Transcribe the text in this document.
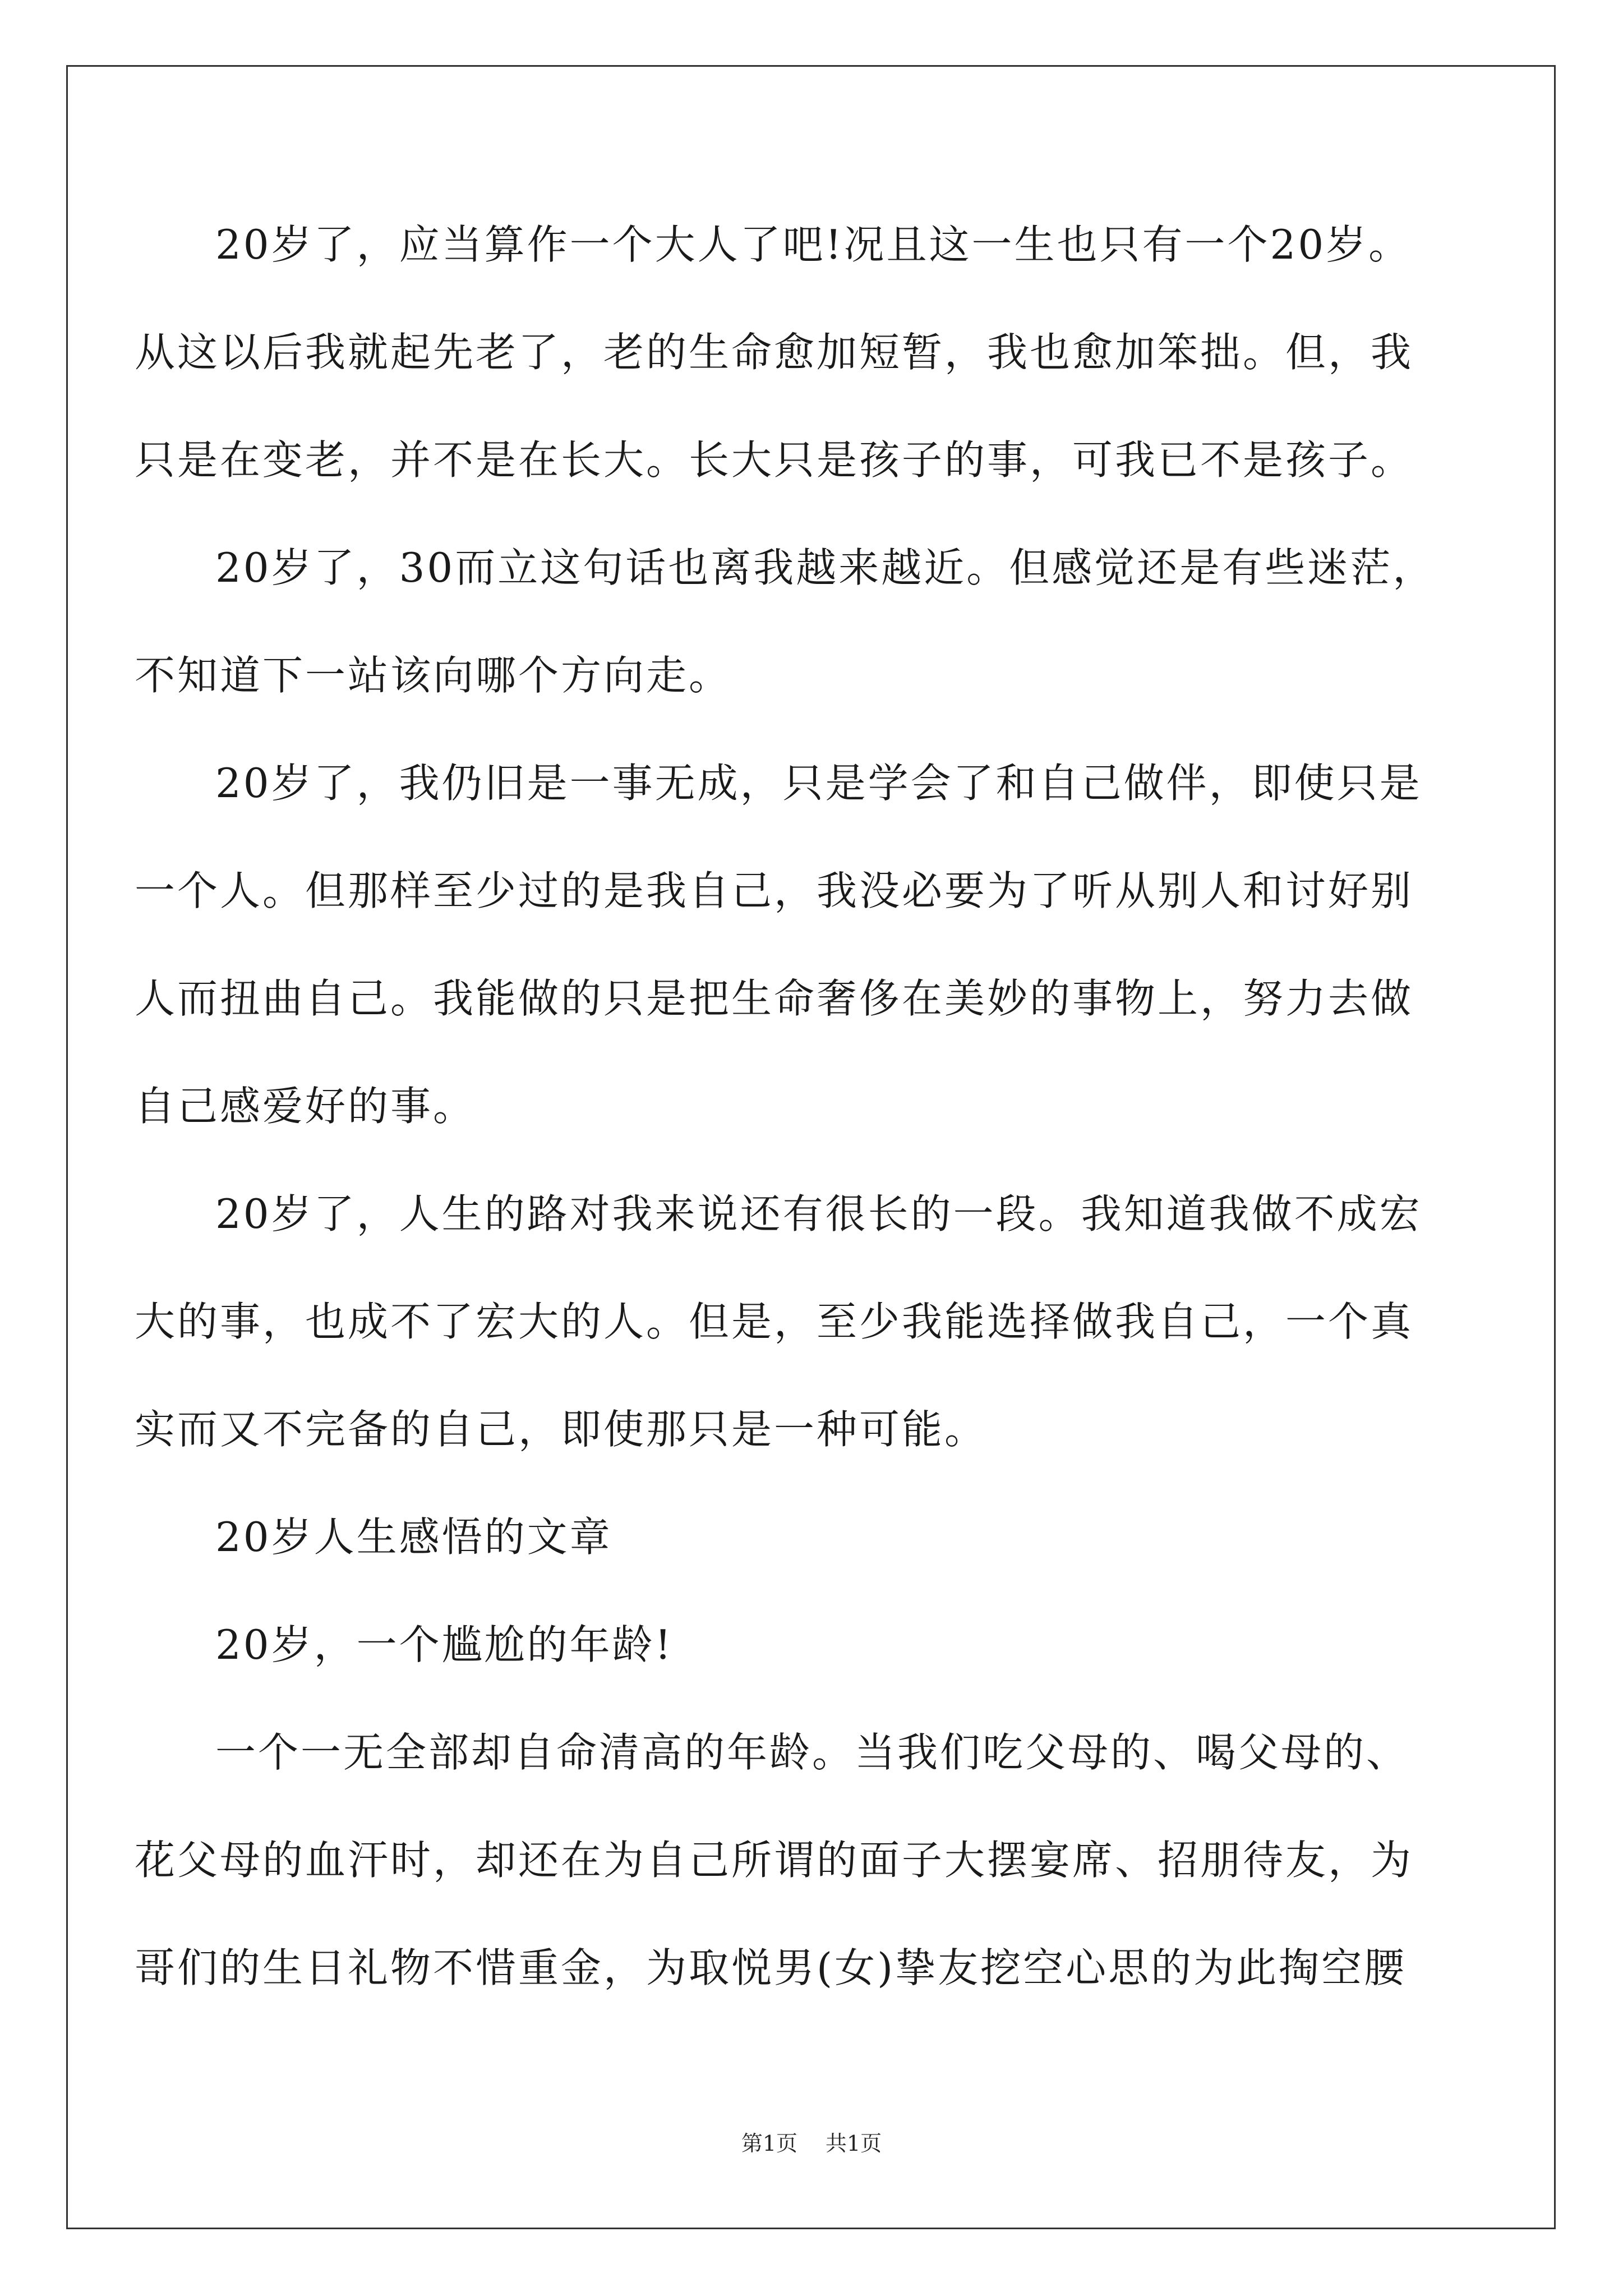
20岁了，应当算作一个大人了吧!况且这一生也只有一个20岁。从这以后我就起先老了，老的生命愈加短暂，我也愈加笨拙。但，我只是在变老，并不是在长大。长大只是孩子的事，可我已不是孩子。

20岁了，30而立这句话也离我越来越近。但感觉还是有些迷茫，不知道下一站该向哪个方向走。

20岁了，我仍旧是一事无成，只是学会了和自己做伴，即使只是一个人。但那样至少过的是我自己，我没必要为了听从别人和讨好别人而扭曲自己。我能做的只是把生命奢侈在美妙的事物上，努力去做自己感爱好的事。

20岁了，人生的路对我来说还有很长的一段。我知道我做不成宏大的事，也成不了宏大的人。但是，至少我能选择做我自己，一个真实而又不完备的自己，即使那只是一种可能。

20岁人生感悟的文章

20岁，一个尴尬的年龄!

一个一无全部却自命清高的年龄。当我们吃父母的、喝父母的、花父母的血汗时，却还在为自己所谓的面子大摆宴席、招朋待友，为哥们的生日礼物不惜重金，为取悦男(女)挚友挖空心思的为此掏空腰

第1页 共1页
